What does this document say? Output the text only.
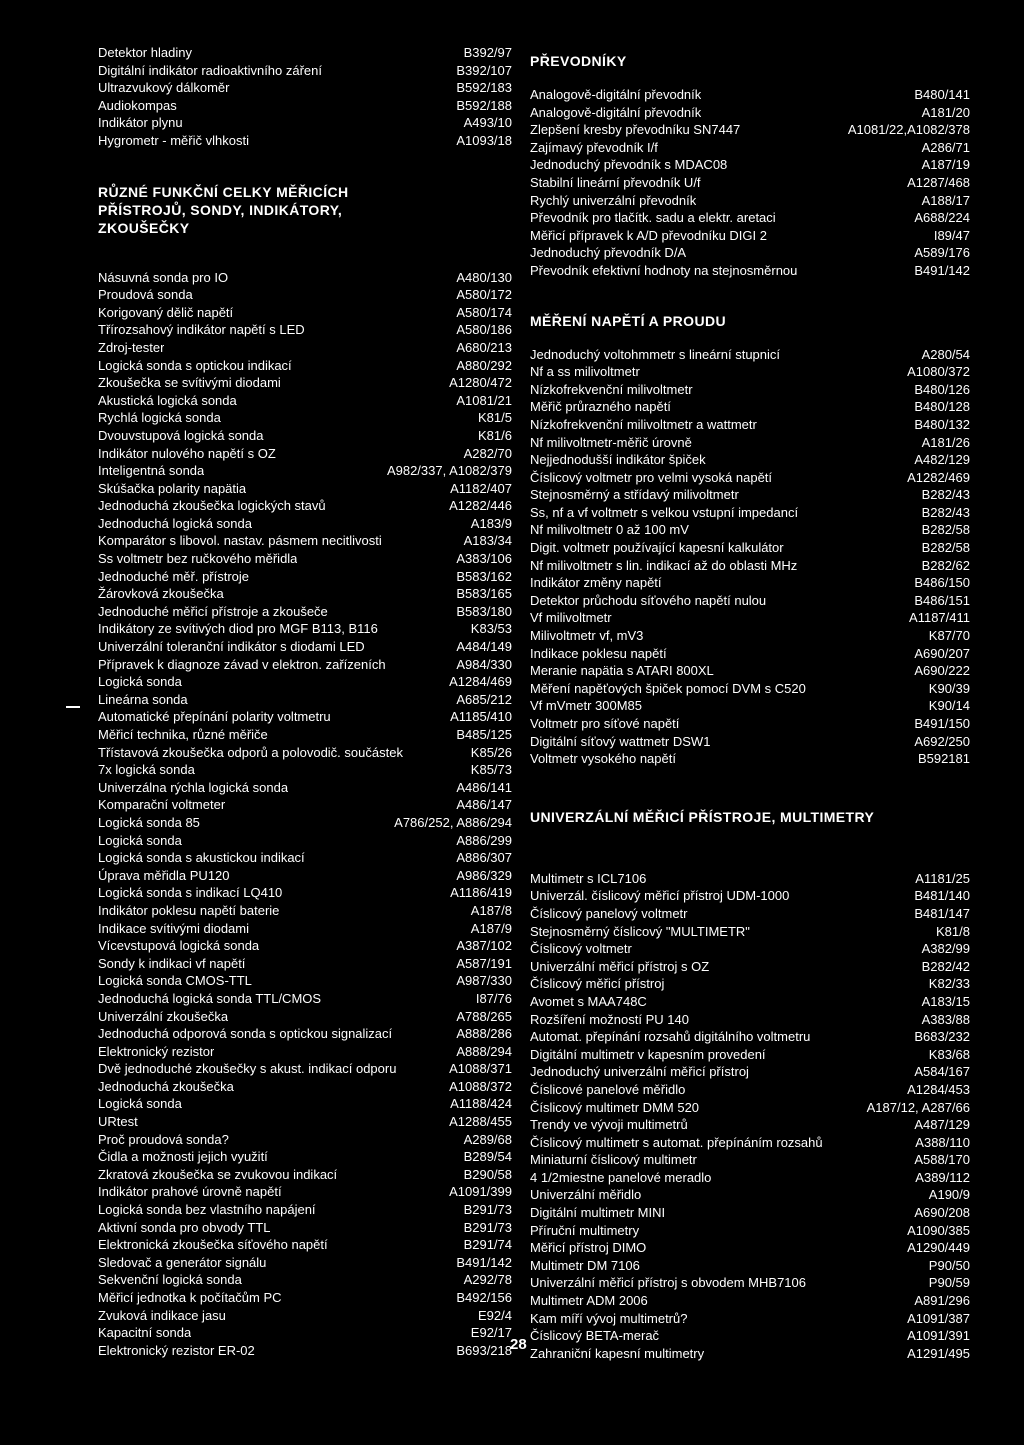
Detektor hladiny	B392/97
Digitální indikátor radioaktivního záření	B392/107
Ultrazvukový dálkoměr	B592/183
Audiokompas	B592/188
Indikátor plynu	A493/10
Hygrometr - měřič vlhkosti	A1093/18
RŮZNÉ FUNKČNÍ CELKY MĚŘICÍCH PŘÍSTROJŮ, SONDY, INDIKÁTORY, ZKOUŠEČKY
Násuvná sonda pro IO	A480/130
Proudová sonda	A580/172
Korigovaný dělič napětí	A580/174
Třírozsahový indikátor napětí s LED	A580/186
Zdroj-tester	A680/213
Logická sonda s optickou indikací	A880/292
Zkoušečka se svítivými diodami	A1280/472
Akustická logická sonda	A1081/21
Rychlá logická sonda	K81/5
Dvouvstupová logická sonda	K81/6
Indikátor nulového napětí s OZ	A282/70
Inteligentná sonda	A982/337, A1082/379
Skúšačka polarity napätia	A1182/407
Jednoduchá zkoušečka logických stavů	A1282/446
Jednoduchá logická sonda	A183/9
Komparátor s libovol. nastav. pásmem necitlivosti	A183/34
Ss voltmetr bez ručkového měřidla	A383/106
Jednoduché měř. přístroje	B583/162
Žárovková zkoušečka	B583/165
Jednoduché měřicí přístroje a zkoušeče	B583/180
Indikátory ze svítivých diod pro MGF B113, B116	K83/53
Univerzální toleranční indikátor s diodami LED	A484/149
Přípravek k diagnoze závad v elektron. zařízeních	A984/330
Logická sonda	A1284/469
Lineárna sonda	A685/212
Automatické přepínání polarity voltmetru	A1185/410
Měřicí technika, různé měřiče	B485/125
Třístavová zkoušečka odporů a polovodič. součástek	K85/26
7x logická sonda	K85/73
Univerzálna rýchla logická sonda	A486/141
Komparační voltmeter	A486/147
Logická sonda 85	A786/252, A886/294
Logická sonda	A886/299
Logická sonda s akustickou indikací	A886/307
Úprava měřidla PU120	A986/329
Logická sonda s indikací LQ410	A1186/419
Indikátor poklesu napětí baterie	A187/8
Indikace svítivými diodami	A187/9
Vícevstupová logická sonda	A387/102
Sondy k indikaci vf napětí	A587/191
Logická sonda CMOS-TTL	A987/330
Jednoduchá logická sonda TTL/CMOS	I87/76
Univerzální zkoušečka	A788/265
Jednoduchá odporová sonda s optickou signalizací	A888/286
Elektronický rezistor	A888/294
Dvě jednoduché zkoušečky s akust. indikací odporu	A1088/371
Jednoduchá zkoušečka	A1088/372
Logická sonda	A1188/424
URtest	A1288/455
Proč proudová sonda?	A289/68
Čidla a možnosti jejich využití	B289/54
Zkratová zkoušečka se zvukovou indikací	B290/58
Indikátor prahové úrovně napětí	A1091/399
Logická sonda bez vlastního napájení	B291/73
Aktivní sonda pro obvody TTL	B291/73
Elektronická zkoušečka síťového napětí	B291/74
Sledovač a generátor signálu	B491/142
Sekvenční logická sonda	A292/78
Měřicí jednotka k počítačům PC	B492/156
Zvuková indikace jasu	E92/4
Kapacitní sonda	E92/17
Elektronický rezistor ER-02	B693/218
PŘEVODNÍKY
Analogově-digitální převodník	B480/141
Analogově-digitální převodník	A181/20
Zlepšení kresby převodníku SN7447	A1081/22,A1082/378
Zajímavý převodník I/f	A286/71
Jednoduchý převodník s MDAC08	A187/19
Stabilní lineární převodník U/f	A1287/468
Rychlý univerzální převodník	A188/17
Převodník pro tlačítk. sadu a elektr. aretaci	A688/224
Měřicí přípravek k A/D převodníku DIGI 2	I89/47
Jednoduchý převodník D/A	A589/176
Převodník efektivní hodnoty na stejnosměrnou	B491/142
MĚŘENÍ NAPĚTÍ A PROUDU
Jednoduchý voltohmmetr s lineární stupnicí	A280/54
Nf a ss milivoltmetr	A1080/372
Nízkofrekvenční milivoltmetr	B480/126
Měřič průrazného napětí	B480/128
Nízkofrekvenční milivoltmetr a wattmetr	B480/132
Nf milivoltmetr-měřič úrovně	A181/26
Nejjednodušší indikátor špiček	A482/129
Číslicový voltmetr pro velmi vysoká napětí	A1282/469
Stejnosměrný a střídavý milivoltmetr	B282/43
Ss, nf a vf voltmetr s velkou vstupní impedancí	B282/43
Nf milivoltmetr 0 až 100 mV	B282/58
Digit. voltmetr používající kapesní kalkulátor	B282/58
Nf milivoltmetr s lin. indikací až do oblasti MHz	B282/62
Indikátor změny napětí	B486/150
Detektor průchodu síťového napětí nulou	B486/151
Vf milivoltmetr	A1187/411
Milivoltmetr vf, mV3	K87/70
Indikace poklesu napětí	A690/207
Meranie napätia s ATARI 800XL	A690/222
Měření napěťových špiček pomocí DVM s C520	K90/39
Vf mVmetr 300M85	K90/14
Voltmetr pro síťové napětí	B491/150
Digitální síťový wattmetr DSW1	A692/250
Voltmetr vysokého napětí	B592181
UNIVERZÁLNÍ MĚŘICÍ PŘÍSTROJE, MULTIMETRY
Multimetr s ICL7106	A1181/25
Univerzál. číslicový měřicí přístroj UDM-1000	B481/140
Číslicový panelový voltmetr	B481/147
Stejnosměrný číslicový "MULTIMETR"	K81/8
Číslicový voltmetr	A382/99
Univerzální měřicí přístroj s OZ	B282/42
Číslicový měřicí přístroj	K82/33
Avomet s MAA748C	A183/15
Rozšíření možností PU 140	A383/88
Automat. přepínání rozsahů digitálního voltmetru	B683/232
Digitální multimetr v kapesním provedení	K83/68
Jednoduchý univerzální měřicí přístroj	A584/167
Číslicové panelové měřidlo	A1284/453
Číslicový multimetr DMM 520	A187/12, A287/66
Trendy ve vývoji multimetrů	A487/129
Číslicový multimetr s automat. přepínáním rozsahů	A388/110
Miniaturní číslicový multimetr	A588/170
4 1/2miestne panelové meradlo	A389/112
Univerzální měřidlo	A190/9
Digitální multimetr MINI	A690/208
Příruční multimetry	A1090/385
Měřicí přístroj DIMO	A1290/449
Multimetr DM 7106	P90/50
Univerzální měřicí přístroj s obvodem MHB7106	P90/59
Multimetr ADM 2006	A891/296
Kam míří vývoj multimetrů?	A1091/387
Číslicový BETA-merač	A1091/391
Zahraniční kapesní multimetry	A1291/495
28
